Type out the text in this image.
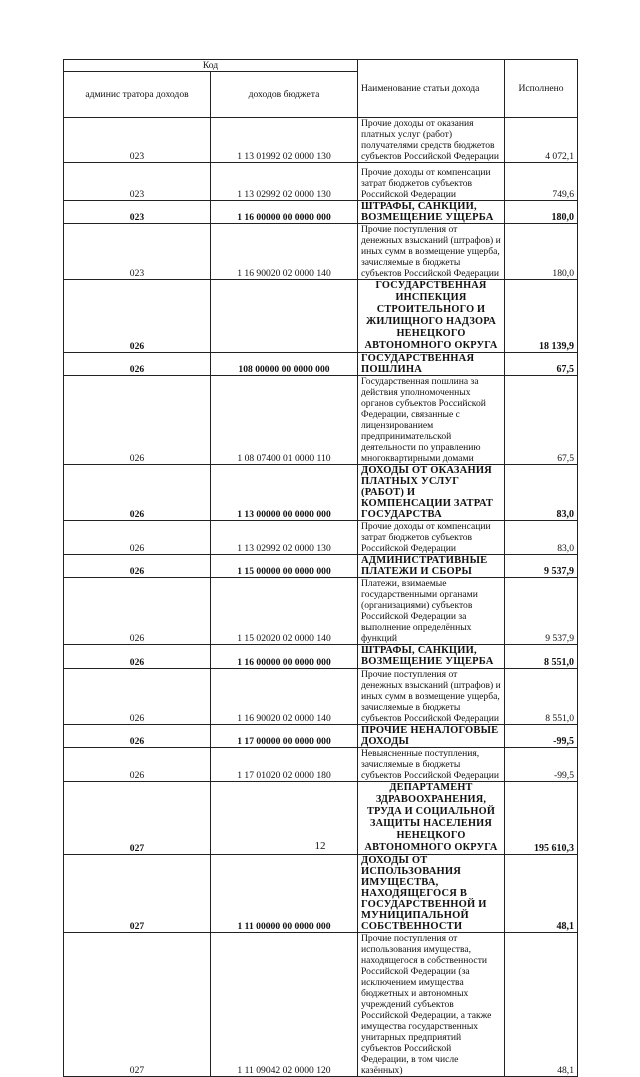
Код		Наименование статьи дохода	Исполнено
админис тратора доходов	доходов бюджета		
023	1 13 01992 02 0000 130	Прочие доходы от оказания платных услуг (работ) получателями средств бюджетов субъектов Российской Федерации	4 072,1
023	1 13 02992 02 0000 130	Прочие доходы от компенсации затрат бюджетов субъектов Российской Федерации	749,6
023	1 16 00000 00 0000 000	ШТРАФЫ, САНКЦИИ, ВОЗМЕЩЕНИЕ УЩЕРБА	180,0
023	1 16 90020 02 0000 140	Прочие поступления от денежных взысканий (штрафов) и иных сумм в возмещение ущерба, зачисляемые в бюджеты субъектов Российской Федерации	180,0
026		ГОСУДАРСТВЕННАЯ ИНСПЕКЦИЯ СТРОИТЕЛЬНОГО И ЖИЛИЩНОГО НАДЗОРА НЕНЕЦКОГО АВТОНОМНОГО ОКРУГА	18 139,9
026	108 00000 00 0000 000	ГОСУДАРСТВЕННАЯ ПОШЛИНА	67,5
026	1 08 07400 01 0000 110	Государственная пошлина за действия уполномоченных органов субъектов Российской Федерации, связанные с лицензированием предпринимательской деятельности по управлению многоквартирными домами	67,5
026	1 13 00000 00 0000 000	ДОХОДЫ ОТ ОКАЗАНИЯ ПЛАТНЫХ УСЛУГ (РАБОТ) И КОМПЕНСАЦИИ ЗАТРАТ ГОСУДАРСТВА	83,0
026	1 13 02992 02 0000 130	Прочие доходы от компенсации затрат бюджетов субъектов Российской Федерации	83,0
026	1 15 00000 00 0000 000	АДМИНИСТРАТИВНЫЕ ПЛАТЕЖИ И СБОРЫ	9 537,9
026	1 15 02020 02 0000 140	Платежи, взимаемые государственными органами (организациями) субъектов Российской Федерации за выполнение определённых функций	9 537,9
026	1 16 00000 00 0000 000	ШТРАФЫ, САНКЦИИ, ВОЗМЕЩЕНИЕ УЩЕРБА	8 551,0
026	1 16 90020 02 0000 140	Прочие поступления от денежных взысканий (штрафов) и иных сумм в возмещение ущерба, зачисляемые в бюджеты субъектов Российской Федерации	8 551,0
026	1 17 00000 00 0000 000	ПРОЧИЕ НЕНАЛОГОВЫЕ ДОХОДЫ	-99,5
026	1 17 01020 02 0000 180	Невыясненные поступления, зачисляемые в бюджеты субъектов Российской Федерации	-99,5
027		ДЕПАРТАМЕНТ ЗДРАВООХРАНЕНИЯ, ТРУДА И СОЦИАЛЬНОЙ ЗАЩИТЫ НАСЕЛЕНИЯ НЕНЕЦКОГО АВТОНОМНОГО ОКРУГА	195 610,3
027	1 11 00000 00 0000 000	ДОХОДЫ ОТ ИСПОЛЬЗОВАНИЯ ИМУЩЕСТВА, НАХОДЯЩЕГОСЯ В ГОСУДАРСТВЕННОЙ И МУНИЦИПАЛЬНОЙ СОБСТВЕННОСТИ	48,1
027	1 11 09042 02 0000 120	Прочие поступления от использования имущества, находящегося в собственности Российской Федерации (за исключением имущества бюджетных и автономных учреждений субъектов Российской Федерации, а также имущества государственных унитарных предприятий субъектов Российской Федерации, в том числе казённых)	48,1
12
